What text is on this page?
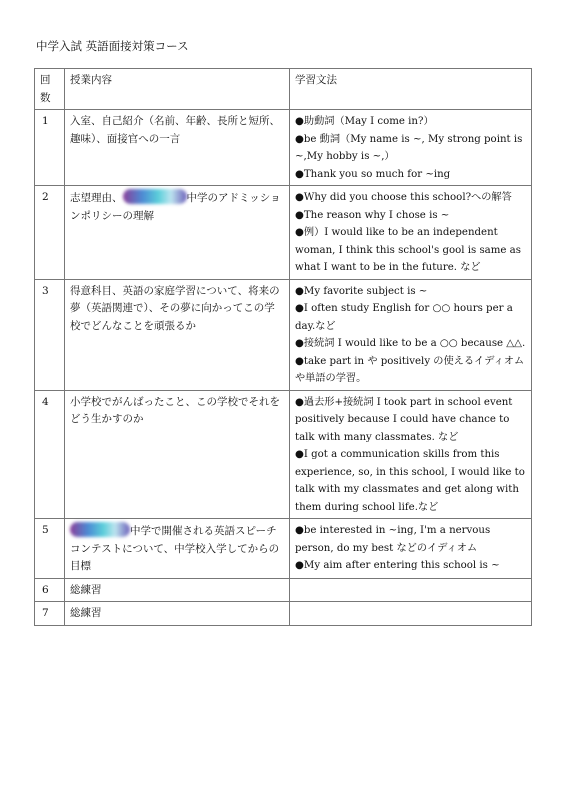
中学入試 英語面接対策コース
回数	授業内容	学習文法
1	入室、自己紹介（名前、年齢、長所と短所、趣味）、面接官への一言	●助動詞（May I come in?）
●be 動詞（My name is ~, My strong point is ~,My hobby is ~,）
●Thank you so much for ~ing

2	志望理由、 中学のアドミッションポリシーの理解	●Why did you choose this school?への解答
●The reason why I chose is ~
●例）I would like to be an independent woman, I think this school's gool is same as what I want to be in the future. など

3	得意科目、英語の家庭学習について、将来の夢（英語関連で）、その夢に向かってこの学校でどんなことを頑張るか	●My favorite subject is ~
●I often study English for ○○ hours per a day.など
●接続詞 I would like to be a ○○ because △△.
●take part in や positively の使えるイディオムや単語の学習。

4	小学校でがんばったこと、この学校でそれをどう生かすのか	●過去形+接続詞 I took part in school event positively because I could have chance to talk with many classmates. など
●I got a communication skills from this experience, so, in this school, I would like to talk with my classmates and get along with them during school life.など

5	中学で開催される英語スピーチコンテストについて、中学校入学してからの目標	●be interested in ~ing, I'm a nervous person, do my best などのイディオム
●My aim after entering this school is ~

6	総練習	
7	総練習	
